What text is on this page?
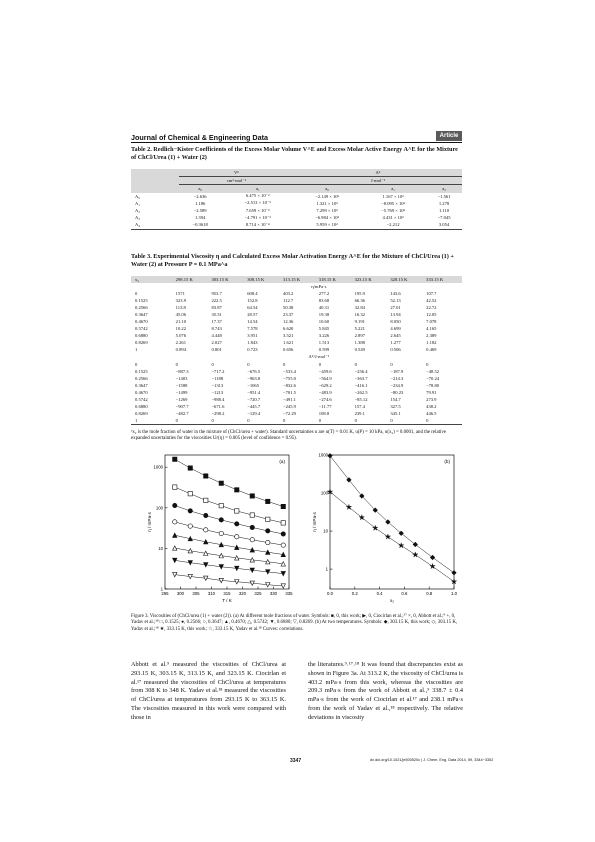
Journal of Chemical & Engineering Data	Article
Table 2. Redlich−Kister Coefficients of the Excess Molar Volume V^E and Excess Molar Active Energy A^E for the Mixture of ChCl/Urea (1) + Water (2)
	Vᴱ		Aᴱ		
	cm³·mol⁻¹		J·mol⁻¹		
	a₀	a₁	a₀	a₁	a₂
A₀	−2.636	6.475 × 10⁻³	−2.149 × 10³	1.167 × 10³	−1.561
A₁	1.186	−2.513 × 10⁻³	1.321 × 10³	−8.095 × 10²	1.278
A₂	−2.589	7.659 × 10⁻³	7.299 × 10²	−5.769 × 10²	1.110
A₃	1.394	−4.791 × 10⁻³	−6.984 × 10²	4.431 × 10²	−7.045
A₄	−0.3618	8.714 × 10⁻⁴	5.959 × 10²	−2.212	3.054
Table 3. Experimental Viscosity η and Calculated Excess Molar Activation Energy A^E for the Mixture of ChCl/Urea (1) + Water (2) at Pressure P = 0.1 MPa^a
x₂	298.15 K	303.15 K	308.15 K	313.15 K	318.15 K	323.15 K	328.15 K	333.15 K
	η/mPa·s							
0	1571	953.7	608.4	403.2	277.2	195.9	143.6	107.7
0.1525	323.9	222.5	152.8	112.7	83.68	66.36	52.13	42.52
0.2566	113.8	83.87	64.54	50.38	40.31	32.84	27.01	22.72
0.3647	45.06	35.51	28.57	23.37	19.38	16.32	13.94	12.05
0.4670	21.10	17.37	14.54	12.36	10.60	9.191	8.050	7.078
0.5742	10.22	8.743	7.578	6.620	5.845	5.221	4.699	4.165
0.6880	5.076	4.448	3.951	3.521	3.226	2.897	2.645	2.389
0.8269	2.261	2.027	1.843	1.621	1.513	1.388	1.277	1.182
1	0.894	0.801	0.723	0.656	0.599	0.549	0.506	0.469
	Aᴱ/J·mol⁻¹							
0	0	0	0	0	0	0	0	0
0.1525	−887.3	−717.2	−676.5	−533.4	−459.6	−256.4	−187.9	−48.52
0.2566	−1403	−1188	−963.8	−755.0	−564.9	−363.7	−214.3	−70.24
0.3647	−1588	−1313	−1065	−832.6	−629.2	−416.1	−234.9	−78.80
0.4670	−1499	−1213	−951.4	−701.5	−483.9	−262.5	−80.23	79.91
0.5742	−1269	−988.4	−720.7	−491.1	−274.6	−85.12	154.7	273.9
0.6880	−907.7	−671.6	−445.7	−245.9	−11.77	157.4	327.5	438.2
0.8269	−482.7	−298.2	−129.4	−72.29	108.8	239.1	345.1	446.5
1	0	0	0	0	0	0	0	0
ᵃx₂ is the mole fraction of water in the mixture of (ChCl/urea + water). Standard uncertainties u are u(T) = 0.01 K, u(P) = 10 kPa, u(x₂) = 0.0001, and the relative expanded uncertainties for the viscosities Ur(η) = 0.005 (level of confidence = 0.95).
295 300 305 310 315 320 325 330 335
1
10
100
1000
T / K
η / mPa·s
(a)
0.0	0.2	0.4	0.6	0.8	1.0
1
10
100
1000
x₂
η / mPa·s
(b)
Figure 3. Viscosities of (ChCl/urea (1) + water (2)). (a) At different mole fractions of water. Symbols: ■, 0, this work; ▶, 0, Ciocirlan et al.;¹⁷ ×, 0, Abbott et al.;⁹ +, 0, Yadav et al.;¹⁸ □, 0.1525; ●, 0.2566; ○, 0.3647; ▲, 0.4670; △, 0.5742; ▼, 0.6880; ▽, 0.8269. (b) At two temperatures. Symbols: ◆, 303.15 K, this work; ◇, 303.15 K, Yadav et al.;¹⁸ ★, 333.15 K, this work; ☆, 333.15 K, Yadav et al.¹⁸ Curves: correlations.
Abbott et al.⁹ measured the viscosities of ChCl/urea at 293.15 K, 303.15 K, 313.15 K, and 323.15 K. Ciocirlan et al.¹⁷ measured the viscosities of ChCl/urea at temperatures from 308 K to 348 K. Yadav et al.¹⁸ measured the viscosities of ChCl/urea at temperatures from 293.15 K to 363.15 K. The viscosities measured in this work were compared with those in
the literatures.⁹˒¹⁷˒¹⁸ It was found that discrepancies exist as shown in Figure 3a. At 313.2 K, the viscosity of ChCl/urea is 403.2 mPa·s from this work, whereas the viscosities are 209.3 mPa·s from the work of Abbott et al.,⁹ 338.7 ± 0.4 mPa·s from the work of Ciocirlan et al.¹⁷ and 238.1 mPa·s from the work of Yadav et al.,¹⁸ respectively. The relative deviations in viscosity
3347	dx.doi.org/10.1021/je500520c | J. Chem. Eng. Data 2014, 59, 3344−3352
